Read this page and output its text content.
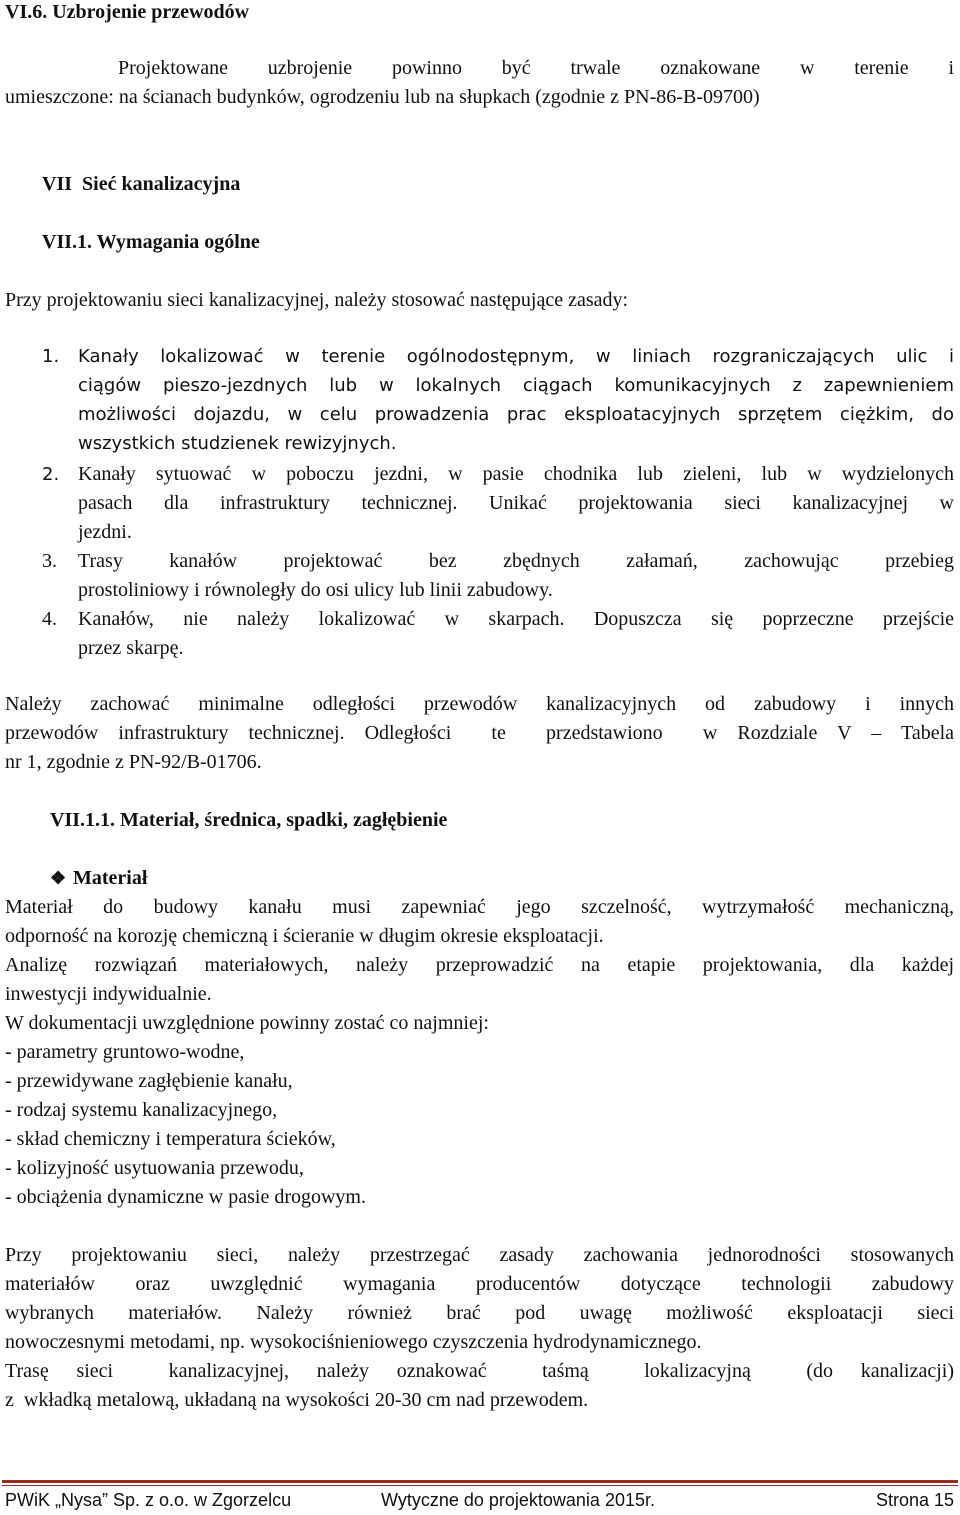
VI.6. Uzbrojenie przewodów

Projektowane uzbrojenie powinno być trwale oznakowane w terenie i

umieszczone: na ścianach budynków, ogrodzeniu lub na słupkach (zgodnie z PN-86-B-09700)

VII  Sieć kanalizacyjna

VII.1. Wymagania ogólne

Przy projektowaniu sieci kanalizacyjnej, należy stosować następujące zasady:

1.	Kanały lokalizować w terenie ogólnodostępnym, w liniach rozgraniczających ulic i

ciągów pieszo-jezdnych lub w lokalnych ciągach komunikacyjnych z zapewnieniem

możliwości dojazdu, w celu prowadzenia prac eksploatacyjnych sprzętem ciężkim, do

wszystkich studzienek rewizyjnych.

2. Kanały sytuować w poboczu jezdni, w pasie chodnika lub zieleni, lub w wydzielonych

pasach dla infrastruktury technicznej. Unikać projektowania sieci kanalizacyjnej w

jezdni.

3.	Trasy kanałów projektować bez zbędnych załamań, zachowując przebieg

prostoliniowy i równoległy do osi ulicy lub linii zabudowy.

4.	Kanałów, nie należy lokalizować w skarpach. Dopuszcza się poprzeczne przejście

przez skarpę.

Należy zachować minimalne odległości przewodów kanalizacyjnych od zabudowy i innych

przewodów infrastruktury technicznej. Odległości  te  przedstawiono  w Rozdziale V – Tabela

nr 1, zgodnie z PN-92/B-01706.

VII.1.1. Materiał, średnica, spadki, zagłębienie

❖ Materiał

Materiał do budowy kanału musi zapewniać jego szczelność, wytrzymałość mechaniczną,

odporność na korozję chemiczną i ścieranie w długim okresie eksploatacji.

Analizę rozwiązań materiałowych, należy przeprowadzić na etapie projektowania, dla każdej

inwestycji indywidualnie.

W dokumentacji uwzględnione powinny zostać co najmniej:

- parametry gruntowo-wodne,

- przewidywane zagłębienie kanału,

- rodzaj systemu kanalizacyjnego,

- skład chemiczny i temperatura ścieków,

- kolizyjność usytuowania przewodu,

- obciążenia dynamiczne w pasie drogowym.

Przy projektowaniu sieci, należy przestrzegać zasady zachowania jednorodności stosowanych

materiałów oraz uwzględnić wymagania producentów dotyczące technologii zabudowy

wybranych materiałów. Należy również brać pod uwagę możliwość eksploatacji sieci

nowoczesnymi metodami, np. wysokociśnieniowego czyszczenia hydrodynamicznego.

Trasę sieci  kanalizacyjnej, należy oznakować  taśmą  lokalizacyjną  (do kanalizacji)

z  wkładką metalową, układaną na wysokości 20-30 cm nad przewodem.

PWiK „Nysa” Sp. z o.o. w Zgorzelcu	Wytyczne do projektowania 2015r.	Strona 15
